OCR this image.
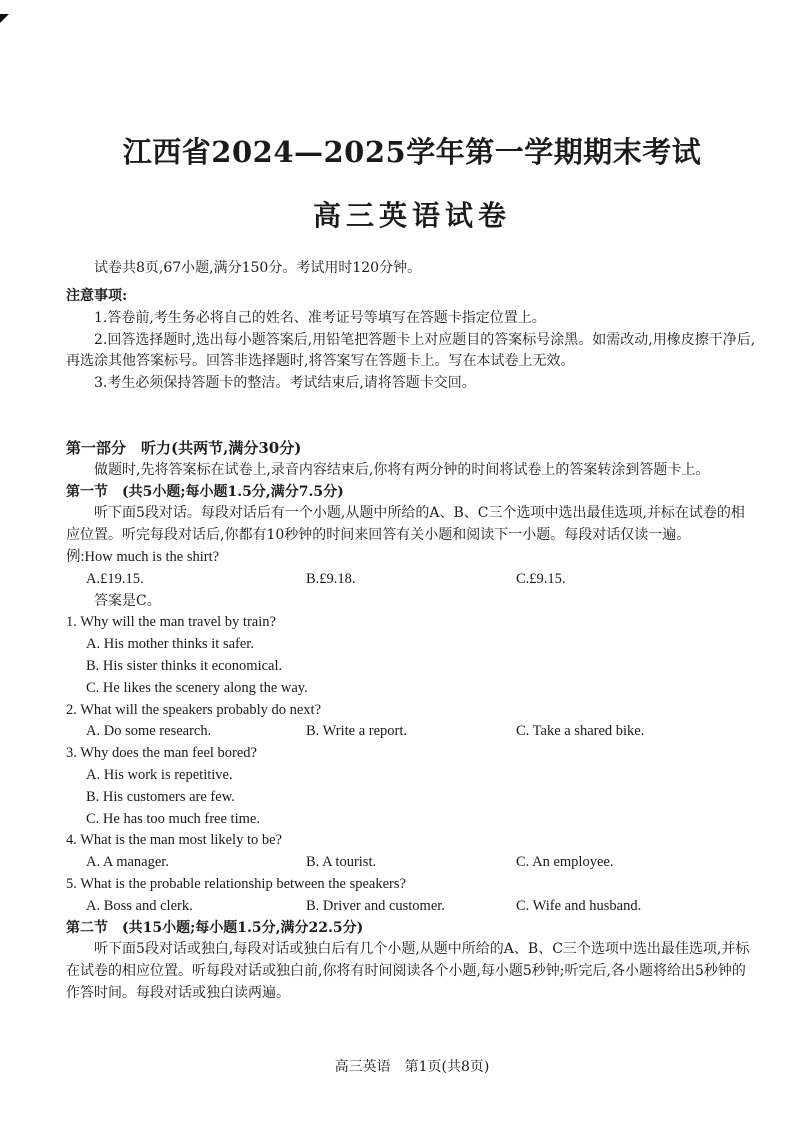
江西省2024—2025学年第一学期期末考试
高三英语试卷
试卷共8页,67小题,满分150分。考试用时120分钟。
注意事项:
1.答卷前,考生务必将自己的姓名、准考证号等填写在答题卡指定位置上。
2.回答选择题时,选出每小题答案后,用铅笔把答题卡上对应题目的答案标号涂黑。如需改动,用橡皮擦干净后,再选涂其他答案标号。回答非选择题时,将答案写在答题卡上。写在本试卷上无效。
3.考生必须保持答题卡的整洁。考试结束后,请将答题卡交回。
第一部分　听力(共两节,满分30分)
做题时,先将答案标在试卷上,录音内容结束后,你将有两分钟的时间将试卷上的答案转涂到答题卡上。
第一节　(共5小题;每小题1.5分,满分7.5分)
听下面5段对话。每段对话后有一个小题,从题中所给的A、B、C三个选项中选出最佳选项,并标在试卷的相应位置。听完每段对话后,你都有10秒钟的时间来回答有关小题和阅读下一小题。每段对话仅读一遍。
例:How much is the shirt?
A.£19.15.	B.£9.18.	C.£9.15.
答案是C。
1. Why will the man travel by train?
A. His mother thinks it safer.
B. His sister thinks it economical.
C. He likes the scenery along the way.
2. What will the speakers probably do next?
A. Do some research.	B. Write a report.	C. Take a shared bike.
3. Why does the man feel bored?
A. His work is repetitive.
B. His customers are few.
C. He has too much free time.
4. What is the man most likely to be?
A. A manager.	B. A tourist.	C. An employee.
5. What is the probable relationship between the speakers?
A. Boss and clerk.	B. Driver and customer.	C. Wife and husband.
第二节　(共15小题;每小题1.5分,满分22.5分)
听下面5段对话或独白,每段对话或独白后有几个小题,从题中所给的A、B、C三个选项中选出最佳选项,并标在试卷的相应位置。听每段对话或独白前,你将有时间阅读各个小题,每小题5秒钟;听完后,各小题将给出5秒钟的作答时间。每段对话或独白读两遍。
高三英语　第1页(共8页)
